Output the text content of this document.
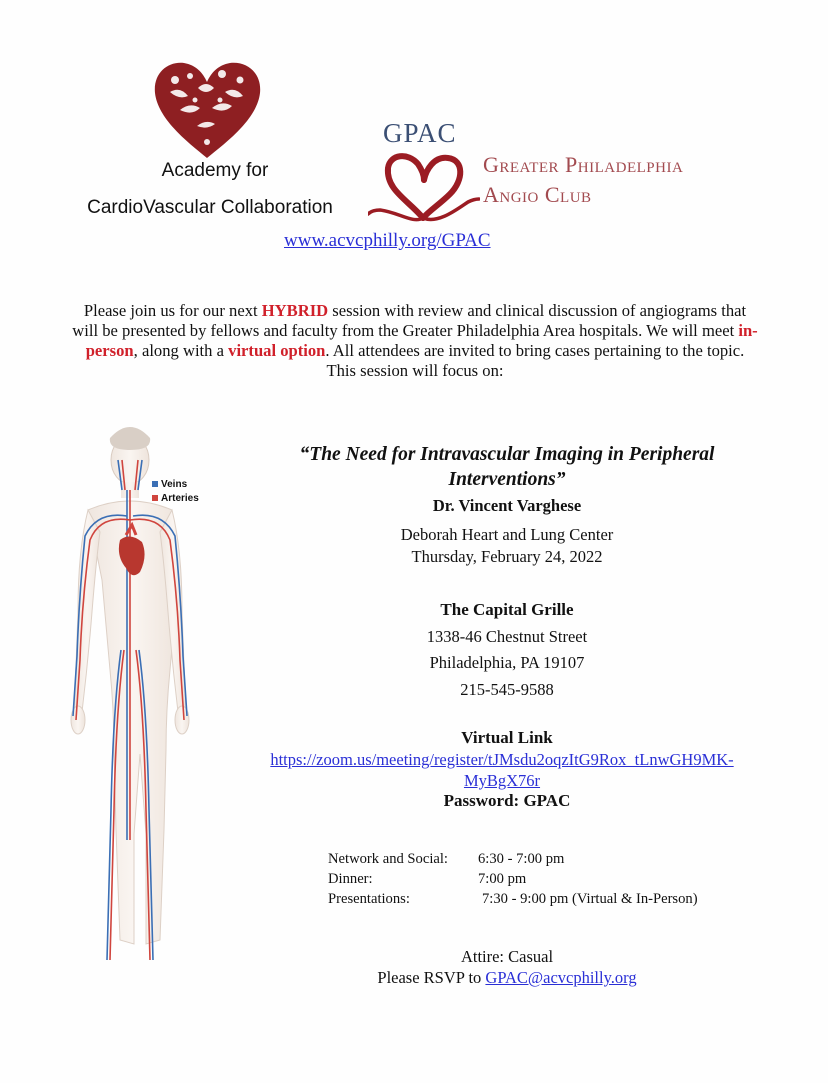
Academy for
CardioVascular Collaboration
GPAC
Greater Philadelphia
Angio Club
www.acvcphilly.org/GPAC
Please join us for our next HYBRID session with review and clinical discussion of angiograms that will be presented by fellows and faculty from the Greater Philadelphia Area hospitals. We will meet in-person, along with a virtual option. All attendees are invited to bring cases pertaining to the topic.
This session will focus on:
Veins
Arteries
“The Need for Intravascular Imaging in Peripheral
Interventions”
Dr. Vincent Varghese
Deborah Heart and Lung Center
Thursday, February 24, 2022
The Capital Grille
1338-46 Chestnut Street
Philadelphia, PA 19107
215-545-9588
Virtual Link
https://zoom.us/meeting/register/tJMsdu2oqzItG9Rox_tLnwGH9MK-
MyBgX76r
Password: GPAC
Network and Social: 6:30 - 7:00 pm
Dinner:	7:00 pm
Presentations:	7:30 - 9:00 pm (Virtual & In-Person)
Attire: Casual
Please RSVP to GPAC@acvcphilly.org
